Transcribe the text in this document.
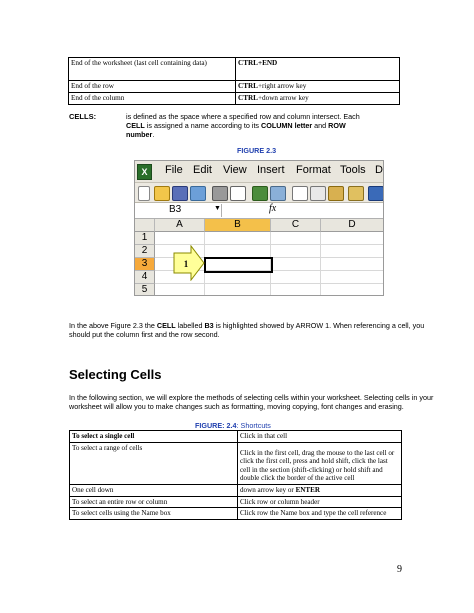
End of the worksheet (last cell containing data)	CTRL+END
End of the row	CTRL+right arrow key
End of the column	CTRL+down arrow key
CELLS:	is defined as the space where a specified row and column intersect. Each CELL is assigned a name according to its COLUMN letter and ROW number.
FIGURE 2.3
X	File Edit View Insert Format Tools D
B3	▼	fx
A	B	C	D
1
2
3
4
5
1
In the above Figure 2.3 the CELL labelled B3 is highlighted showed by ARROW 1. When referencing a cell, you should put the column first and the row second.
Selecting Cells
In the following section, we will explore the methods of selecting cells within your worksheet. Selecting cells in your worksheet will allow you to make changes such as formatting, moving copying, font changes and erasing.
FIGURE: 2.4: Shortcuts
To select a single cell	Click in that cell
To select a range of cells	Click in the first cell, drag the mouse to the last cell or click the first cell, press and hold shift, click the last cell in the section (shift-clicking) or hold shift and double click the border of the active cell
One cell down	down arrow key or ENTER
To select an entire row or column	Click row or column header
To select cells using the Name box	Click row the Name box and type the cell reference
9
